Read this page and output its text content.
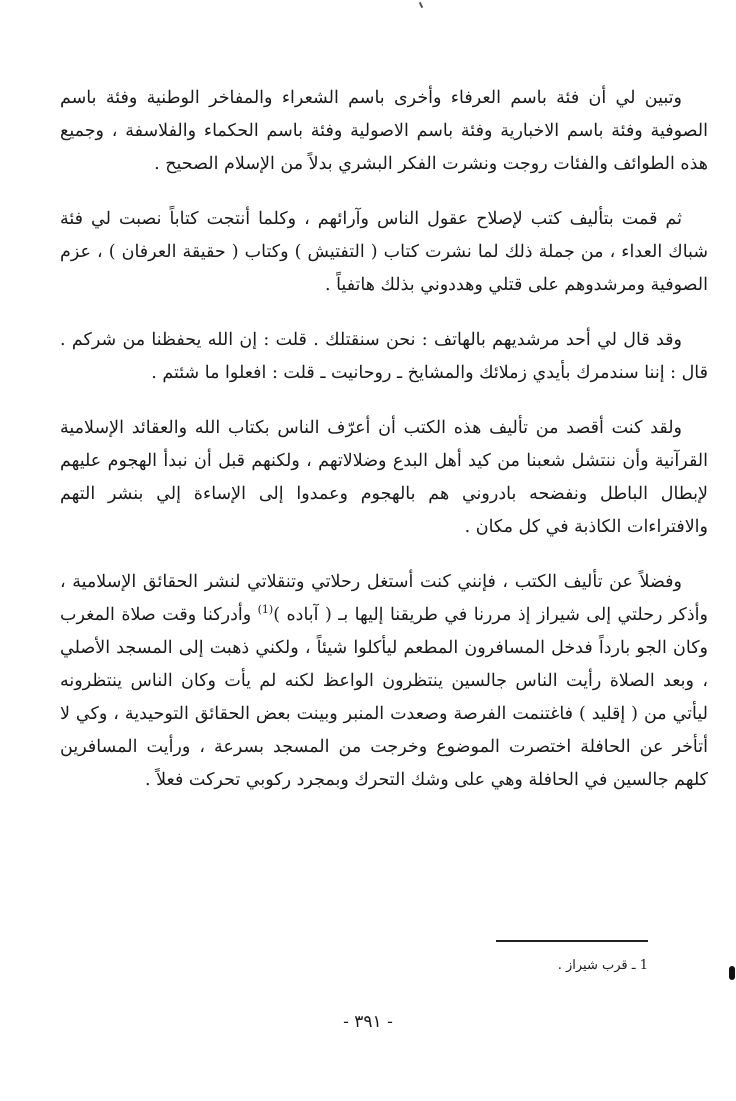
وتبين لي أن فئة باسم العرفاء وأخرى باسم الشعراء والمفاخر الوطنية وفئة باسم الصوفية وفئة باسم الاخبارية وفئة باسم الاصولية وفئة باسم الحكماء والفلاسفة ، وجميع هذه الطوائف والفئات روجت ونشرت الفكر البشري بدلاً من الإسلام الصحيح .

ثم قمت بتأليف كتب لإصلاح عقول الناس وآرائهم ، وكلما أنتجت كتاباً نصبت لي فئة شباك العداء ، من جملة ذلك لما نشرت كتاب ( التفتيش ) وكتاب ( حقيقة العرفان ) ، عزم الصوفية ومرشدوهم على قتلي وهددوني بذلك هاتفياً .

وقد قال لي أحد مرشديهم بالهاتف : نحن سنقتلك . قلت : إن الله يحفظنا من شركم . قال : إننا سندمرك بأيدي زملائك والمشايخ ـ روحانيت ـ قلت : افعلوا ما شئتم .

ولقد كنت أقصد من تأليف هذه الكتب أن أعرّف الناس بكتاب الله والعقائد الإسلامية القرآنية وأن ننتشل شعبنا من كيد أهل البدع وضلالاتهم ، ولكنهم قبل أن نبدأ الهجوم عليهم لإبطال الباطل ونفضحه بادروني هم بالهجوم وعمدوا إلى الإساءة إلي بنشر التهم والافتراءات الكاذبة في كل مكان .

وفضلاً عن تأليف الكتب ، فإنني كنت أستغل رحلاتي وتنقلاتي لنشر الحقائق الإسلامية ، وأذكر رحلتي إلى شيراز إذ مررنا في طريقنا إليها بـ ( آباده )$^{(1)}$ وأدركنا وقت صلاة المغرب وكان الجو بارداً فدخل المسافرون المطعم ليأكلوا شيئاً ، ولكني ذهبت إلى المسجد الأصلي ، وبعد الصلاة رأيت الناس جالسين ينتظرون الواعظ لكنه لم يأت وكان الناس ينتظرونه ليأتي من ( إقليد ) فاغتنمت الفرصة وصعدت المنبر وبينت بعض الحقائق التوحيدية ، وكي لا أتأخر عن الحافلة اختصرت الموضوع وخرجت من المسجد بسرعة ، ورأيت المسافرين كلهم جالسين في الحافلة وهي على وشك التحرك وبمجرد ركوبي تحركت فعلاً .

1 ـ قرب شيراز .
- ٣٩١ -
